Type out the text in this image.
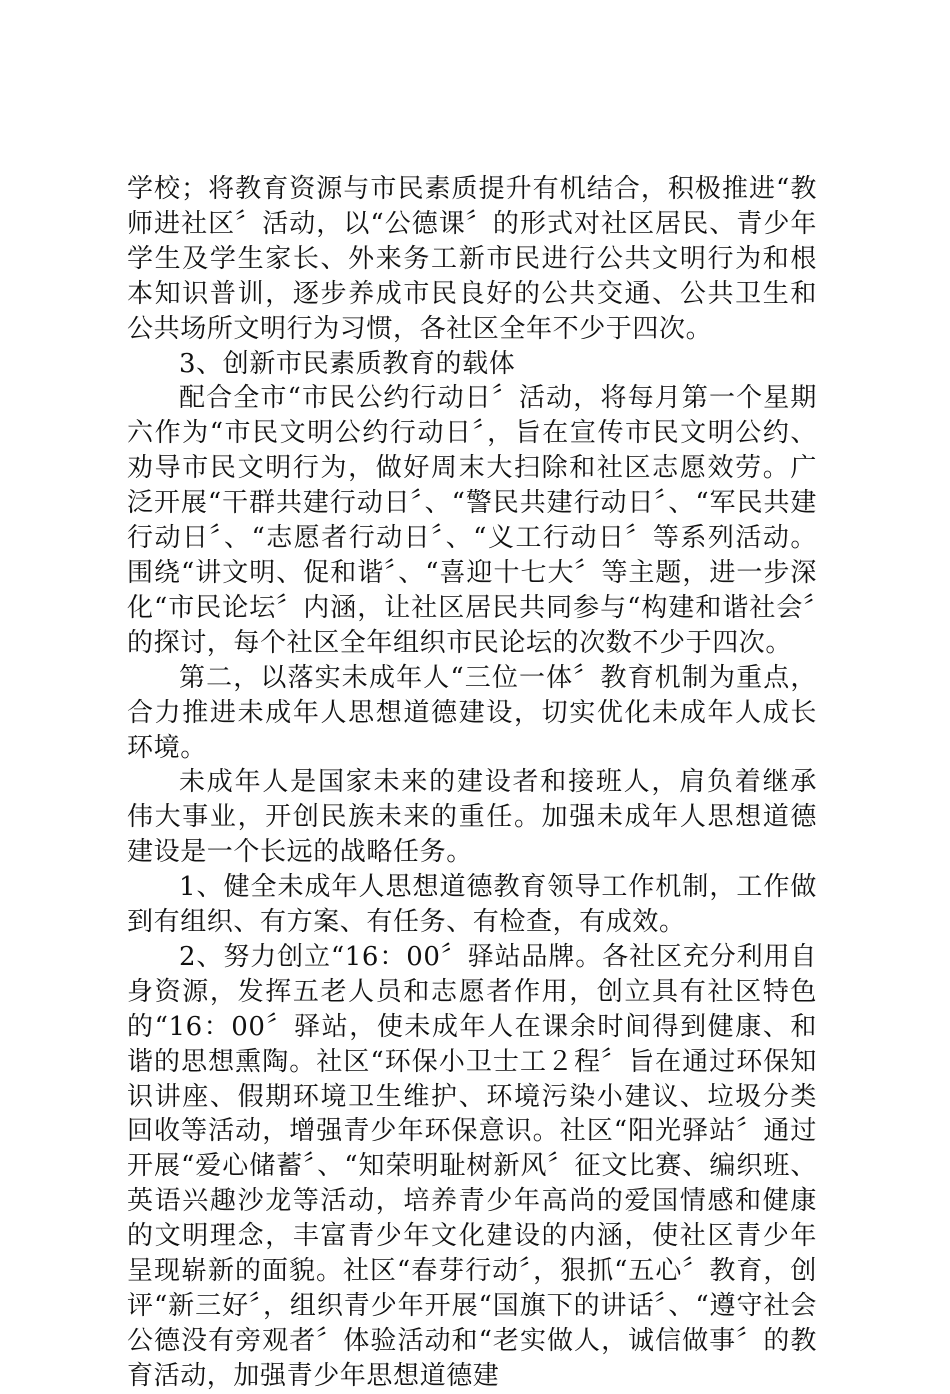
学校；将教育资源与市民素质提升有机结合，积极推进“教师进社区〞活动，以“公德课〞的形式对社区居民、青少年学生及学生家长、外来务工新市民进行公共文明行为和根本知识普训，逐步养成市民良好的公共交通、公共卫生和公共场所文明行为习惯，各社区全年不少于四次。

3、创新市民素质教育的载体

配合全市“市民公约行动日〞活动，将每月第一个星期六作为“市民文明公约行动日〞，旨在宣传市民文明公约、劝导市民文明行为，做好周末大扫除和社区志愿效劳。广泛开展“干群共建行动日〞、“警民共建行动日〞、“军民共建行动日〞、“志愿者行动日〞、“义工行动日〞等系列活动。围绕“讲文明、促和谐〞、“喜迎十七大〞等主题，进一步深化“市民论坛〞内涵，让社区居民共同参与“构建和谐社会〞的探讨，每个社区全年组织市民论坛的次数不少于四次。

第二，以落实未成年人“三位一体〞教育机制为重点，合力推进未成年人思想道德建设，切实优化未成年人成长环境。

未成年人是国家未来的建设者和接班人，肩负着继承伟大事业，开创民族未来的重任。加强未成年人思想道德建设是一个长远的战略任务。

1、健全未成年人思想道德教育领导工作机制，工作做到有组织、有方案、有任务、有检查，有成效。

2、努力创立“16：00〞驿站品牌。各社区充分利用自身资源，发挥五老人员和志愿者作用，创立具有社区特色的“16：00〞驿站，使未成年人在课余时间得到健康、和谐的思想熏陶。社区“环保小卫士工２程〞旨在通过环保知识讲座、假期环境卫生维护、环境污染小建议、垃圾分类回收等活动，增强青少年环保意识。社区“阳光驿站〞通过开展“爱心储蓄〞、“知荣明耻树新风〞征文比赛、编织班、英语兴趣沙龙等活动，培养青少年高尚的爱国情感和健康的文明理念，丰富青少年文化建设的内涵，使社区青少年呈现崭新的面貌。社区“春芽行动〞，狠抓“五心〞教育，创评“新三好〞，组织青少年开展“国旗下的讲话〞、“遵守社会公德没有旁观者〞体验活动和“老实做人，诚信做事〞的教育活动，加强青少年思想道德建
